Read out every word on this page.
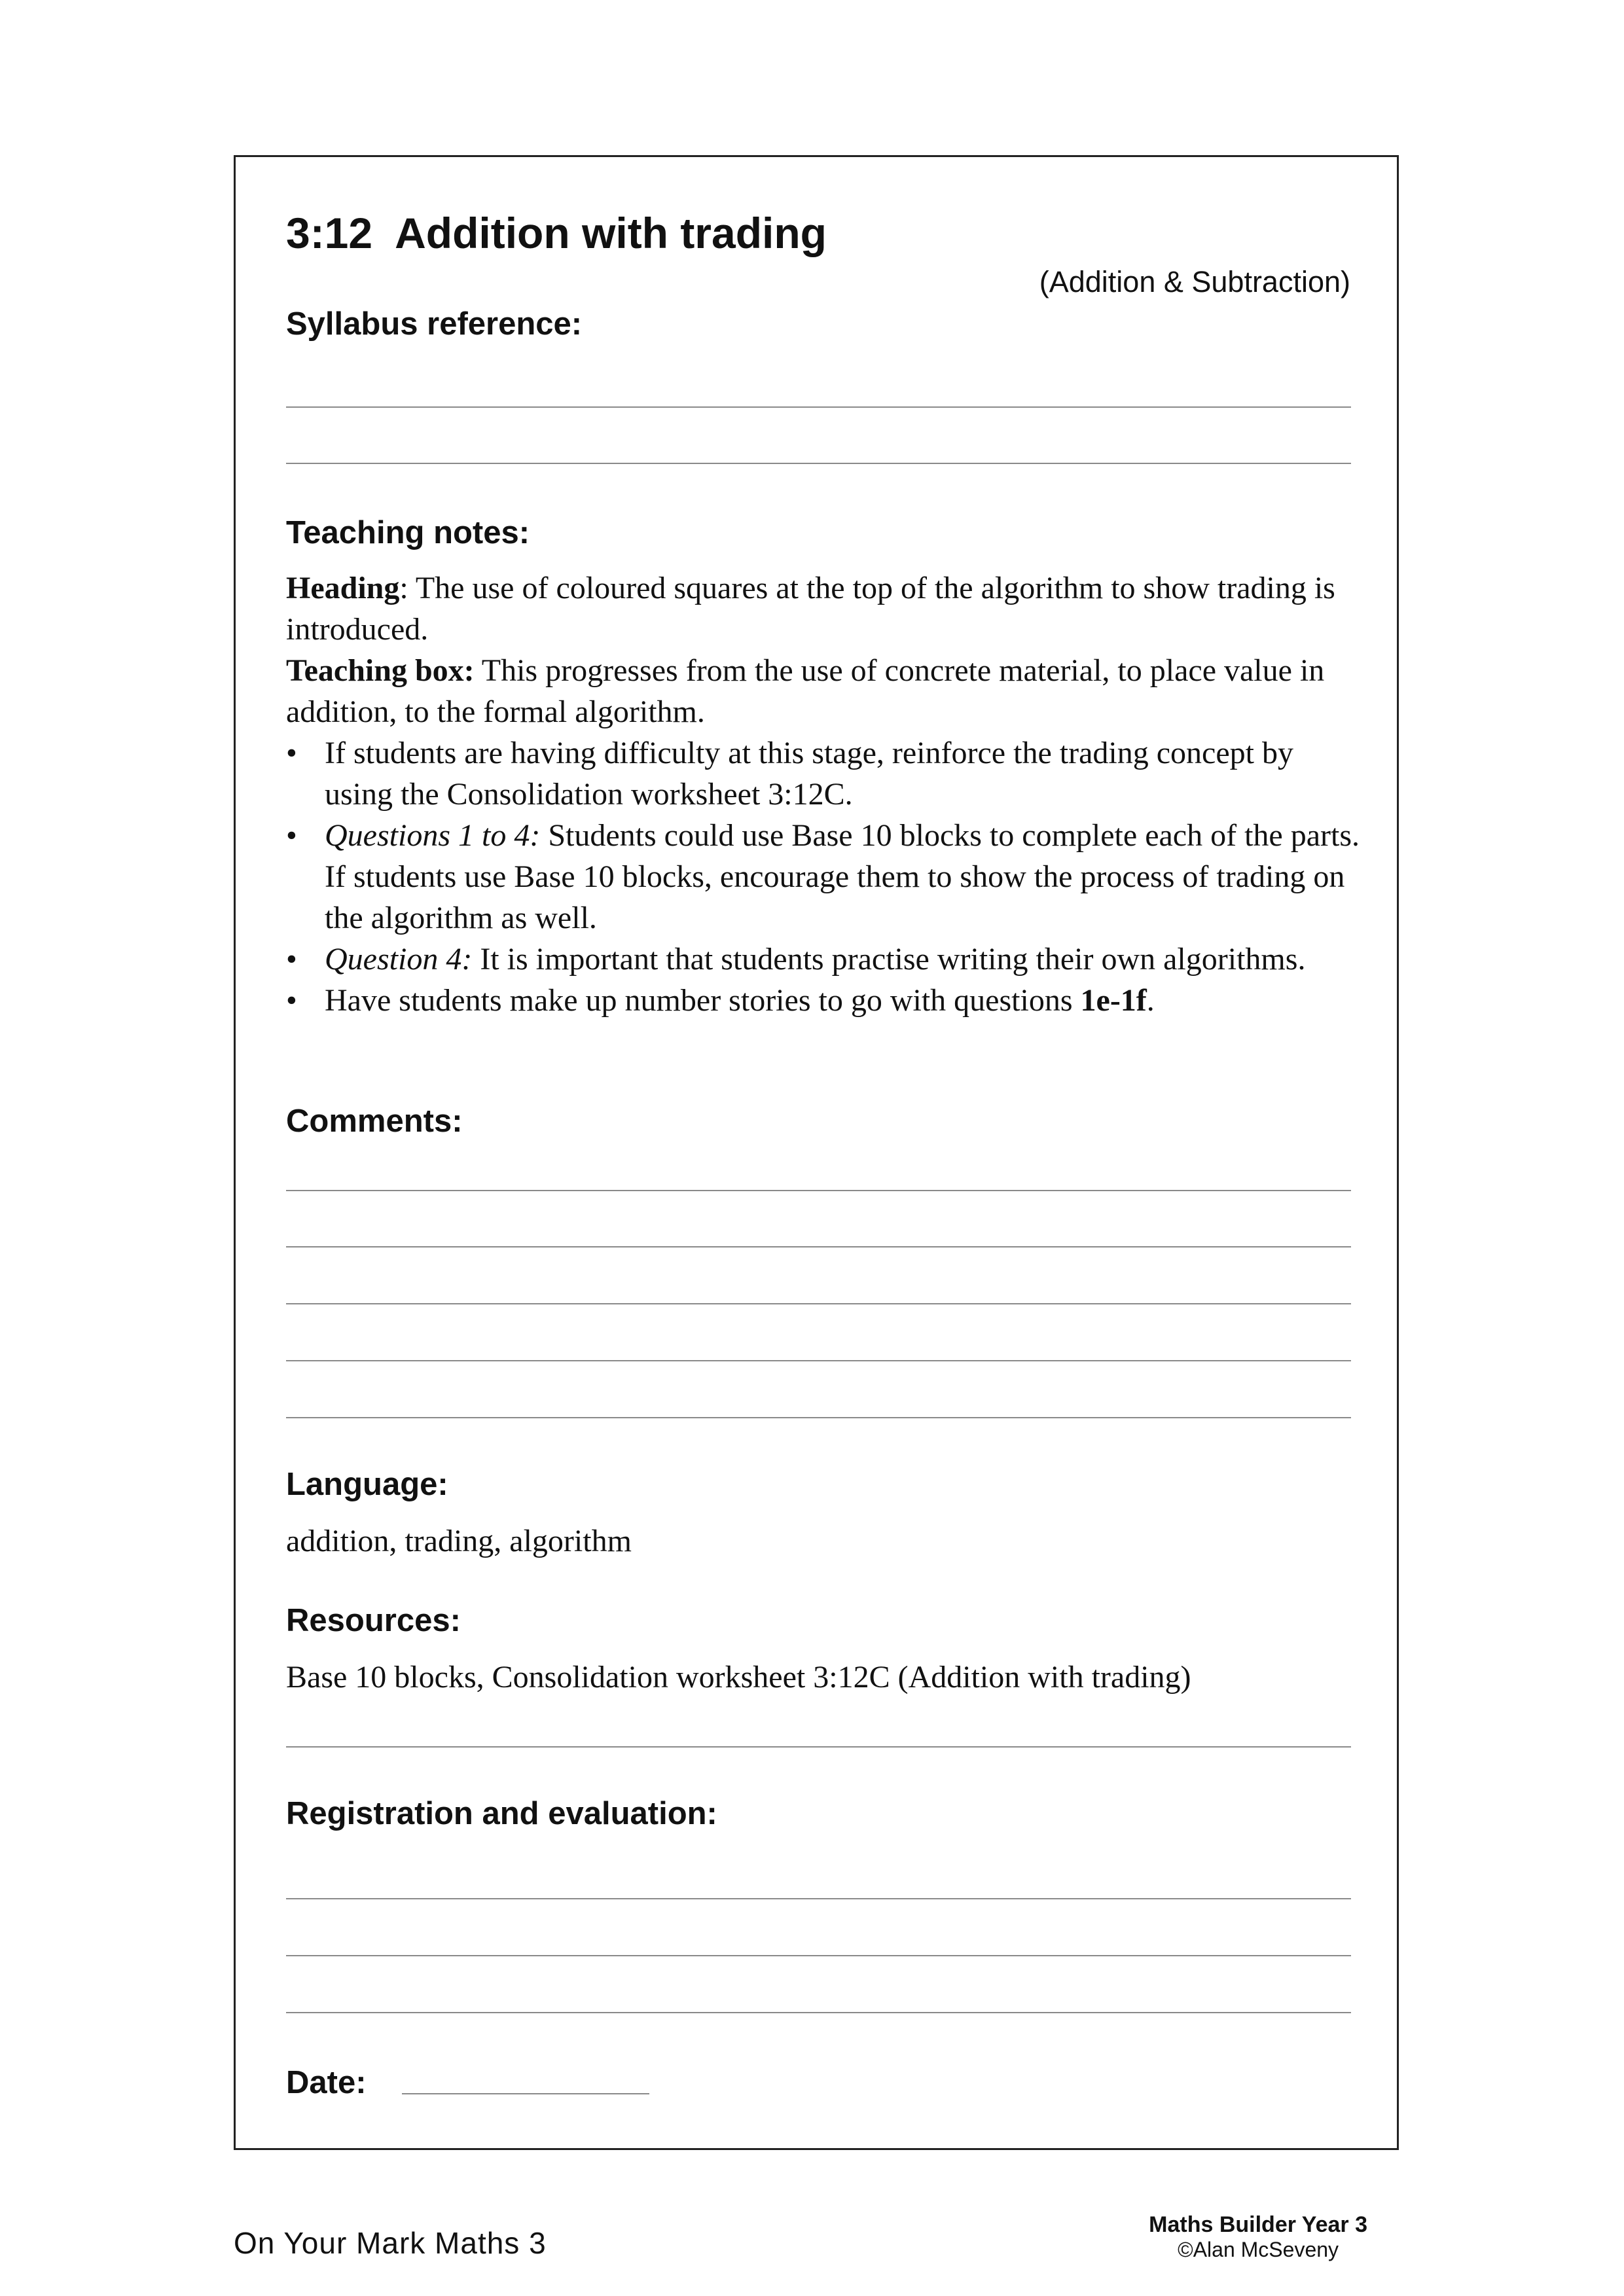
3:12 Addition with trading
(Addition & Subtraction)
Syllabus reference:
Teaching notes:

Heading: The use of coloured squares at the top of the algorithm to show trading is introduced.

Teaching box: This progresses from the use of concrete material, to place value in addition, to the formal algorithm.

• If students are having difficulty at this stage, reinforce the trading concept by using the Consolidation worksheet 3:12C.
• Questions 1 to 4: Students could use Base 10 blocks to complete each of the parts. If students use Base 10 blocks, encourage them to show the process of trading on the algorithm as well.
• Question 4: It is important that students practise writing their own algorithms.
• Have students make up number stories to go with questions 1e-1f.
Comments:
Language:
addition, trading, algorithm
Resources:
Base 10 blocks, Consolidation worksheet 3:12C (Addition with trading)
Registration and evaluation:
Date:
On Your Mark Maths 3
Maths Builder Year 3
©Alan McSeveny
